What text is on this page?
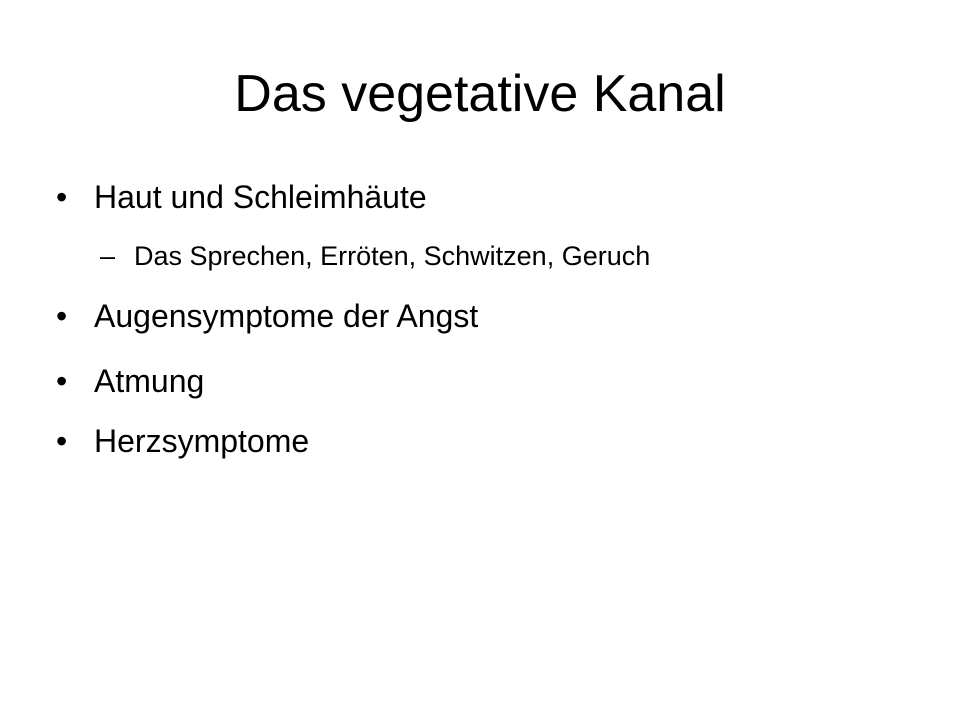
Das vegetative Kanal
• Haut und Schleimhäute
– Das Sprechen, Erröten, Schwitzen, Geruch
• Augensymptome der Angst
• Atmung
• Herzsymptome
